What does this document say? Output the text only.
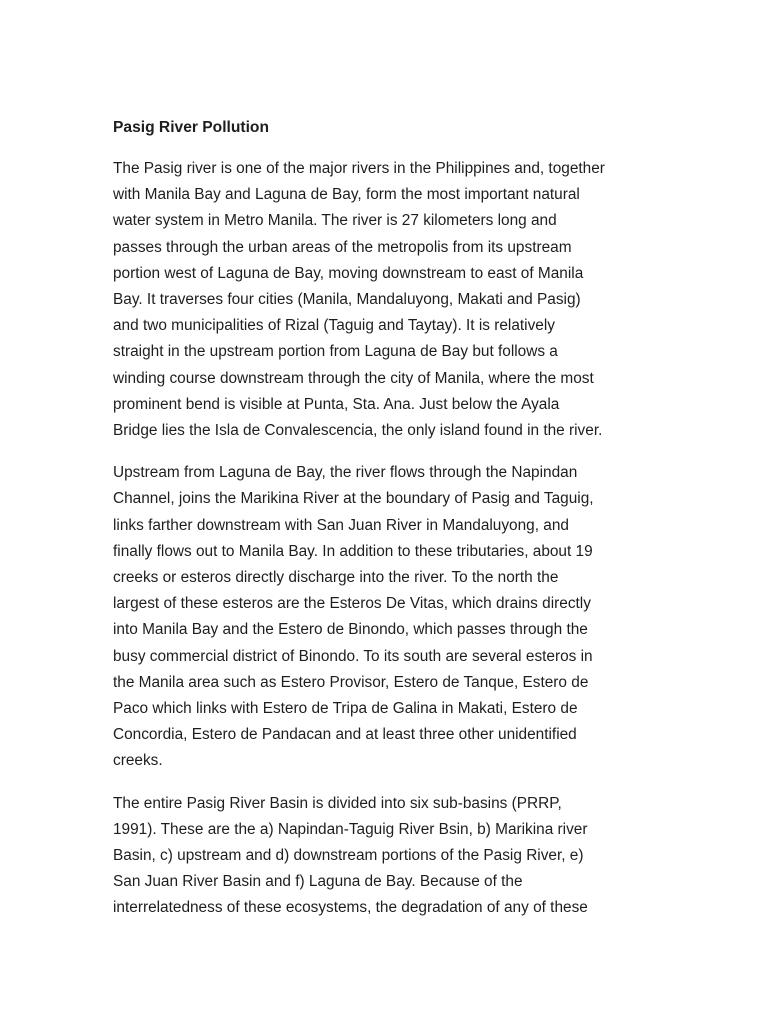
Pasig River Pollution
The Pasig river is one of the major rivers in the Philippines and, together
with Manila Bay and Laguna de Bay, form the most important natural
water system in Metro Manila. The river is 27 kilometers long and
passes through the urban areas of the metropolis from its upstream
portion west of Laguna de Bay, moving downstream to east of Manila
Bay. It traverses four cities (Manila, Mandaluyong, Makati and Pasig)
and two municipalities of Rizal (Taguig and Taytay). It is relatively
straight in the upstream portion from Laguna de Bay but follows a
winding course downstream through the city of Manila, where the most
prominent bend is visible at Punta, Sta. Ana. Just below the Ayala
Bridge lies the Isla de Convalescencia, the only island found in the river.
Upstream from Laguna de Bay, the river flows through the Napindan
Channel, joins the Marikina River at the boundary of Pasig and Taguig,
links farther downstream with San Juan River in Mandaluyong, and
finally flows out to Manila Bay. In addition to these tributaries, about 19
creeks or esteros directly discharge into the river. To the north the
largest of these esteros are the Esteros De Vitas, which drains directly
into Manila Bay and the Estero de Binondo, which passes through the
busy commercial district of Binondo. To its south are several esteros in
the Manila area such as Estero Provisor, Estero de Tanque, Estero de
Paco which links with Estero de Tripa de Galina in Makati, Estero de
Concordia, Estero de Pandacan and at least three other unidentified
creeks.
The entire Pasig River Basin is divided into six sub-basins (PRRP,
1991). These are the a) Napindan-Taguig River Bsin, b) Marikina river
Basin, c) upstream and d) downstream portions of the Pasig River, e)
San Juan River Basin and f) Laguna de Bay. Because of the
interrelatedness of these ecosystems, the degradation of any of these
